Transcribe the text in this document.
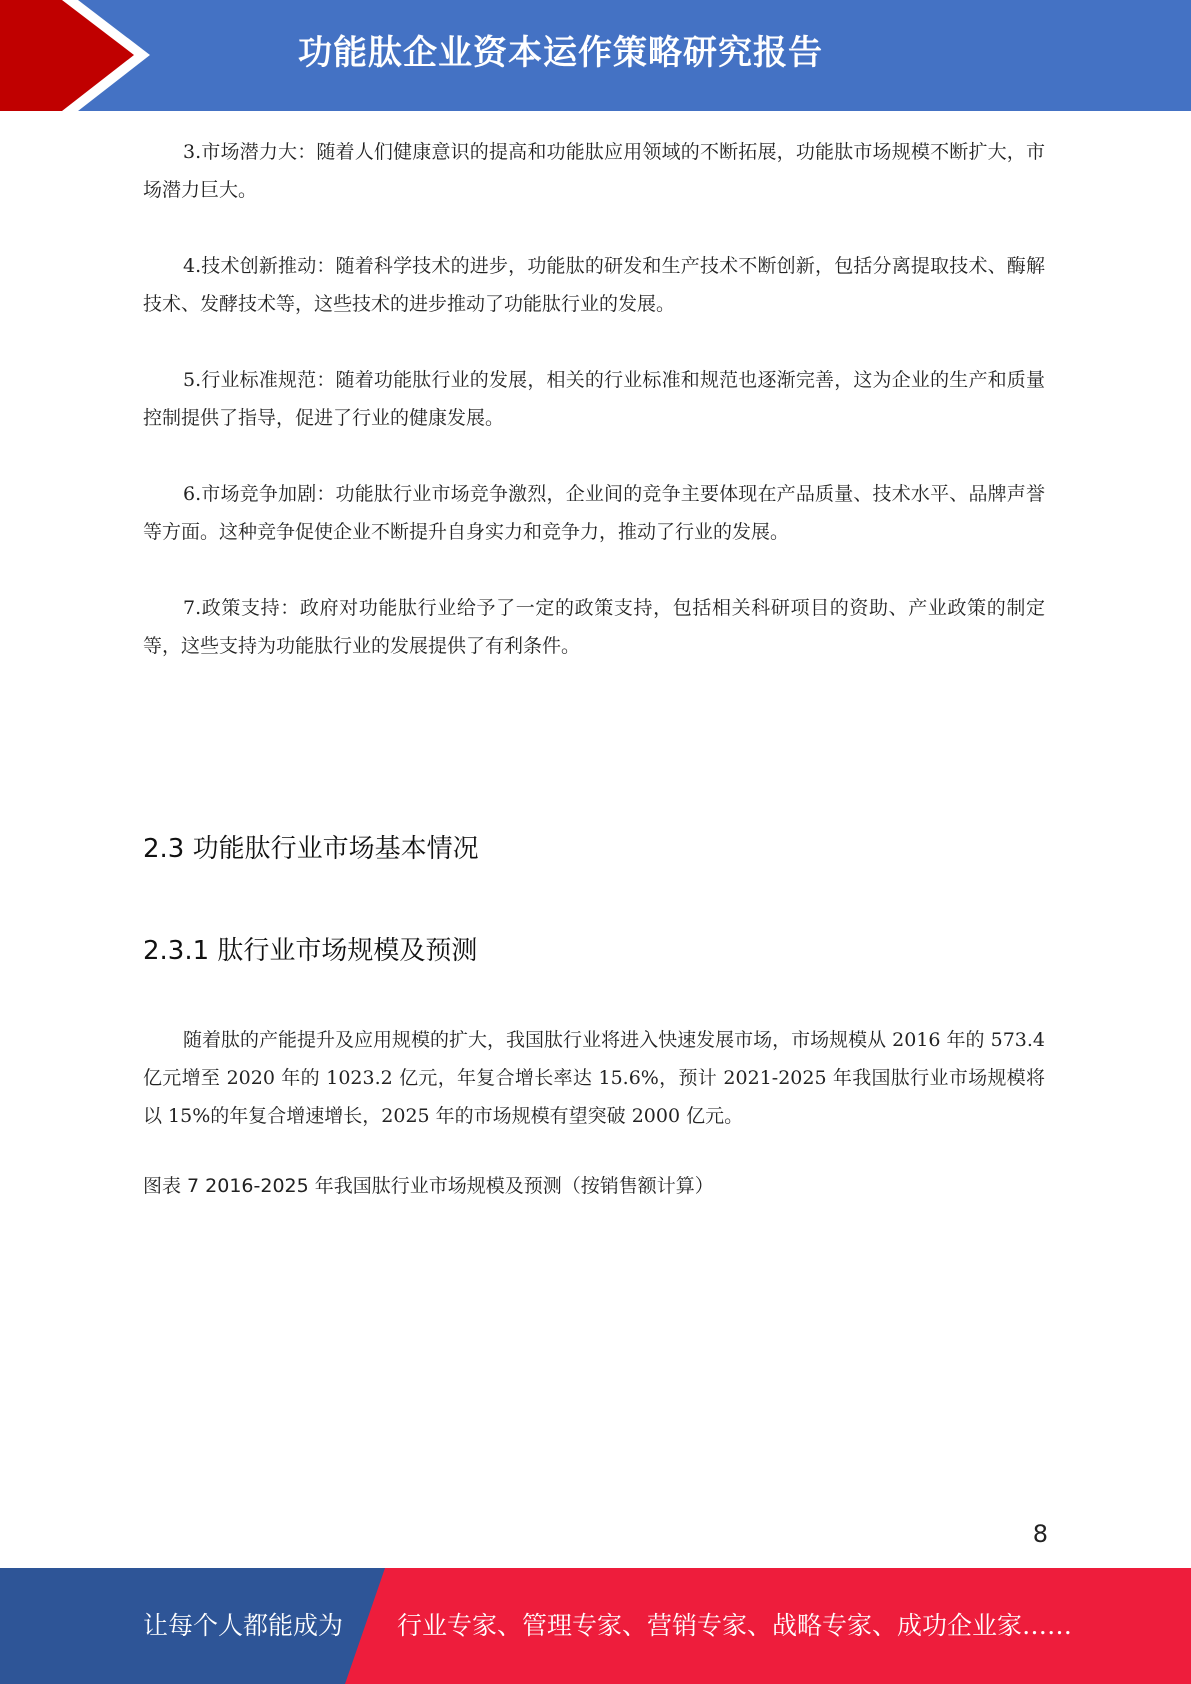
功能肽企业资本运作策略研究报告

3.市场潜力大：随着人们健康意识的提高和功能肽应用领域的不断拓展，功能肽市场规模不断扩大，市场潜力巨大。

4.技术创新推动：随着科学技术的进步，功能肽的研发和生产技术不断创新，包括分离提取技术、酶解技术、发酵技术等，这些技术的进步推动了功能肽行业的发展。

5.行业标准规范：随着功能肽行业的发展，相关的行业标准和规范也逐渐完善，这为企业的生产和质量控制提供了指导，促进了行业的健康发展。

6.市场竞争加剧：功能肽行业市场竞争激烈，企业间的竞争主要体现在产品质量、技术水平、品牌声誉等方面。这种竞争促使企业不断提升自身实力和竞争力，推动了行业的发展。

7.政策支持：政府对功能肽行业给予了一定的政策支持，包括相关科研项目的资助、产业政策的制定等，这些支持为功能肽行业的发展提供了有利条件。

2.3 功能肽行业市场基本情况
2.3.1 肽行业市场规模及预测

随着肽的产能提升及应用规模的扩大，我国肽行业将进入快速发展市场，市场规模从 2016 年的 573.4 亿元增至 2020 年的 1023.2 亿元，年复合增长率达 15.6%，预计 2021-2025 年我国肽行业市场规模将以 15%的年复合增速增长，2025 年的市场规模有望突破 2000 亿元。

图表 7 2016-2025 年我国肽行业市场规模及预测（按销售额计算）
8
让每个人都能成为 行业专家、管理专家、营销专家、战略专家、成功企业家……
